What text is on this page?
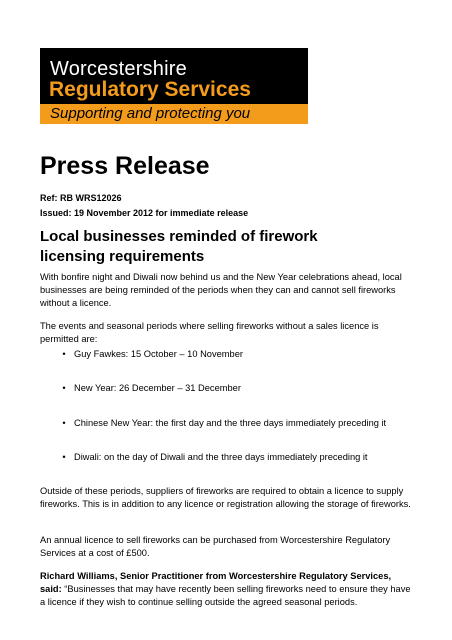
Worcestershire
Regulatory Services
Supporting and protecting you
Press Release
Ref: RB WRS12026
Issued: 19 November 2012 for immediate release
Local businesses reminded of firework licensing requirements
With bonfire night and Diwali now behind us and the New Year celebrations ahead, local businesses are being reminded of the periods when they can and cannot sell fireworks without a licence.
The events and seasonal periods where selling fireworks without a sales licence is permitted are:
• Guy Fawkes: 15 October – 10 November
• New Year: 26 December – 31 December
• Chinese New Year: the first day and the three days immediately preceding it
• Diwali: on the day of Diwali and the three days immediately preceding it
Outside of these periods, suppliers of fireworks are required to obtain a licence to supply fireworks. This is in addition to any licence or registration allowing the storage of fireworks.
An annual licence to sell fireworks can be purchased from Worcestershire Regulatory Services at a cost of £500.
Richard Williams, Senior Practitioner from Worcestershire Regulatory Services, said: “Businesses that may have recently been selling fireworks need to ensure they have a licence if they wish to continue selling outside the agreed seasonal periods.
